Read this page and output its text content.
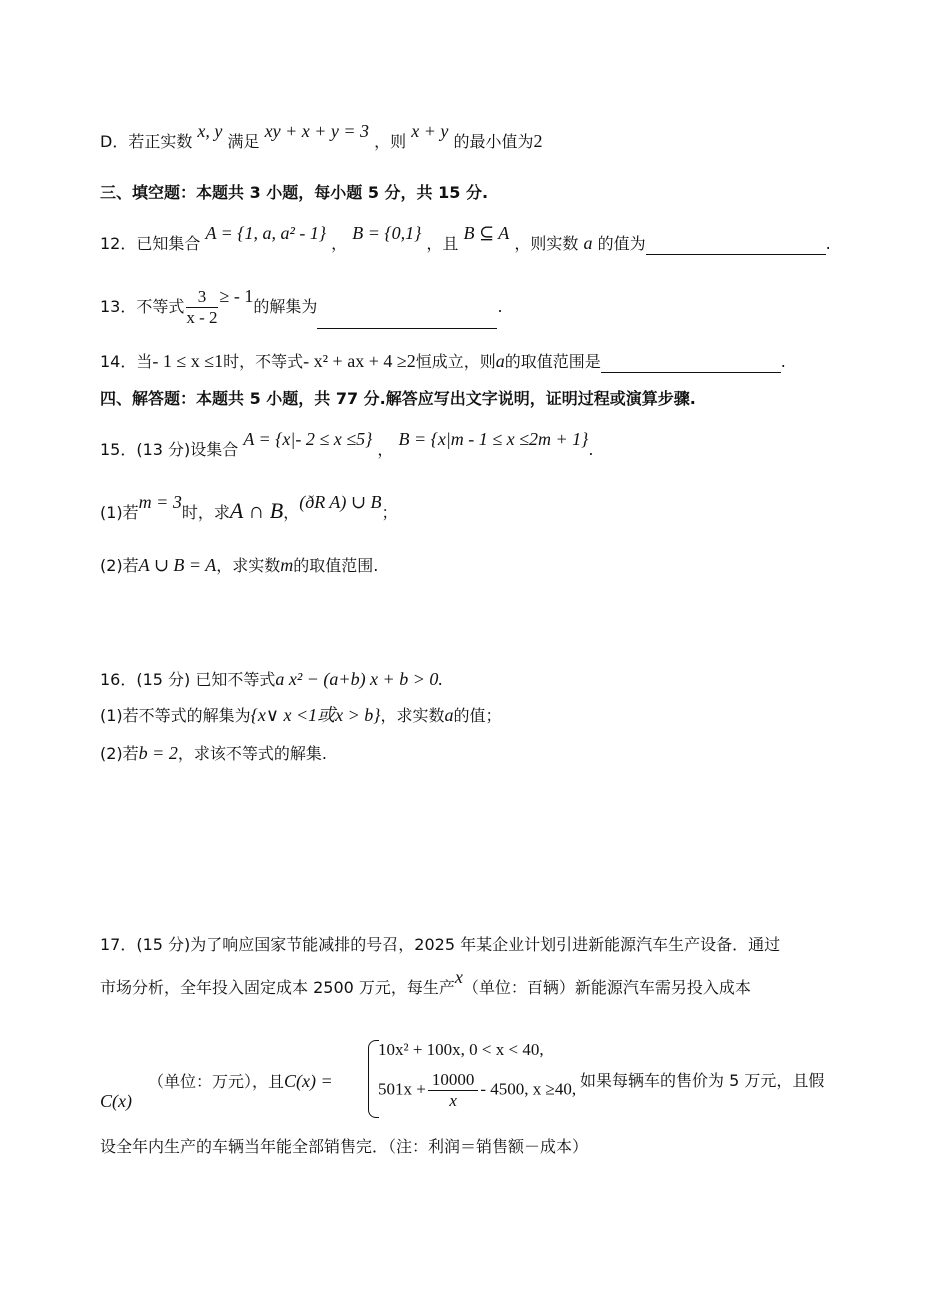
D．若正实数 x, y 满足 xy + x + y = 3 ，则 x + y 的最小值为2
三、填空题：本题共 3 小题，每小题 5 分，共 15 分.
12．已知集合 A = {1, a, a² - 1} ， B = {0,1} ，且 B ⊆ A ，则实数 a 的值为	.
13．不等式 $\frac{3}{x - 2}$ ≥ - 1的解集为	.
14．当- 1 ≤ x ≤1时，不等式- x² + ax + 4 ≥2恒成立，则a的取值范围是	.
四、解答题：本题共 5 小题，共 77 分.解答应写出文字说明，证明过程或演算步骤.
15．(13 分)设集合 A = {x|- 2 ≤ x ≤5} ， B = {x|m - 1 ≤ x ≤2m + 1}.
(1)若m = 3时，求A ∩ B，(ðR A) ∪ B；
(2)若A ∪ B = A，求实数m的取值范围.
16．(15 分) 已知不等式a x² − (a+b) x + b > 0.
(1)若不等式的解集为{x∨ x <1或x > b}，求实数a的值；
(2)若b = 2，求该不等式的解集.
17．(15 分)为了响应国家节能减排的号召，2025 年某企业计划引进新能源汽车生产设备．通过
市场分析，全年投入固定成本 2500 万元，每生产x（单位：百辆）新能源汽车需另投入成本
C(x)
（单位：万元），且C(x) =
10x² + 100x, 0 < x < 40,
$501x + \frac{10000}{x} - 4500$, x ≥40, 如果每辆车的售价为 5 万元，且假
设全年内生产的车辆当年能全部销售完．（注：利润＝销售额－成本）
